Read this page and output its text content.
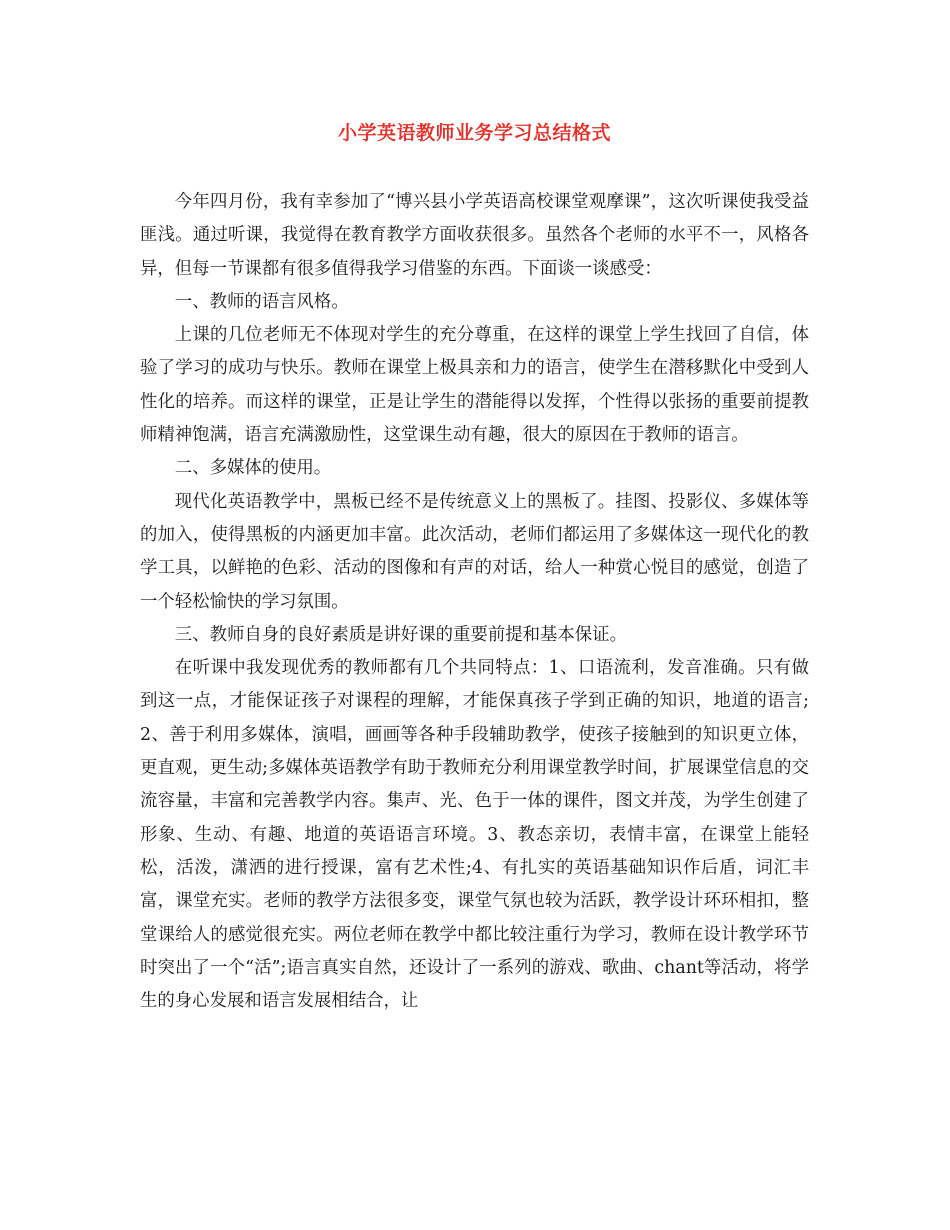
小学英语教师业务学习总结格式

今年四月份，我有幸参加了“博兴县小学英语高校课堂观摩课”，这次听课使我受益匪浅。通过听课，我觉得在教育教学方面收获很多。虽然各个老师的水平不一，风格各异，但每一节课都有很多值得我学习借鉴的东西。下面谈一谈感受：

一、教师的语言风格。

上课的几位老师无不体现对学生的充分尊重，在这样的课堂上学生找回了自信，体验了学习的成功与快乐。教师在课堂上极具亲和力的语言，使学生在潜移默化中受到人性化的培养。而这样的课堂，正是让学生的潜能得以发挥，个性得以张扬的重要前提教师精神饱满，语言充满激励性，这堂课生动有趣，很大的原因在于教师的语言。

二、多媒体的使用。

现代化英语教学中，黑板已经不是传统意义上的黑板了。挂图、投影仪、多媒体等的加入，使得黑板的内涵更加丰富。此次活动，老师们都运用了多媒体这一现代化的教学工具，以鲜艳的色彩、活动的图像和有声的对话，给人一种赏心悦目的感觉，创造了一个轻松愉快的学习氛围。

三、教师自身的良好素质是讲好课的重要前提和基本保证。

在听课中我发现优秀的教师都有几个共同特点：1、口语流利，发音准确。只有做到这一点，才能保证孩子对课程的理解，才能保真孩子学到正确的知识，地道的语言;2、善于利用多媒体，演唱，画画等各种手段辅助教学，使孩子接触到的知识更立体，更直观，更生动;多媒体英语教学有助于教师充分利用课堂教学时间，扩展课堂信息的交流容量，丰富和完善教学内容。集声、光、色于一体的课件，图文并茂，为学生创建了形象、生动、有趣、地道的英语语言环境。3、教态亲切，表情丰富，在课堂上能轻松，活泼，潇洒的进行授课，富有艺术性;4、有扎实的英语基础知识作后盾，词汇丰富，课堂充实。老师的教学方法很多变，课堂气氛也较为活跃，教学设计环环相扣，整堂课给人的感觉很充实。两位老师在教学中都比较注重行为学习，教师在设计教学环节时突出了一个“活”;语言真实自然，还设计了一系列的游戏、歌曲、chant等活动，将学生的身心发展和语言发展相结合，让
